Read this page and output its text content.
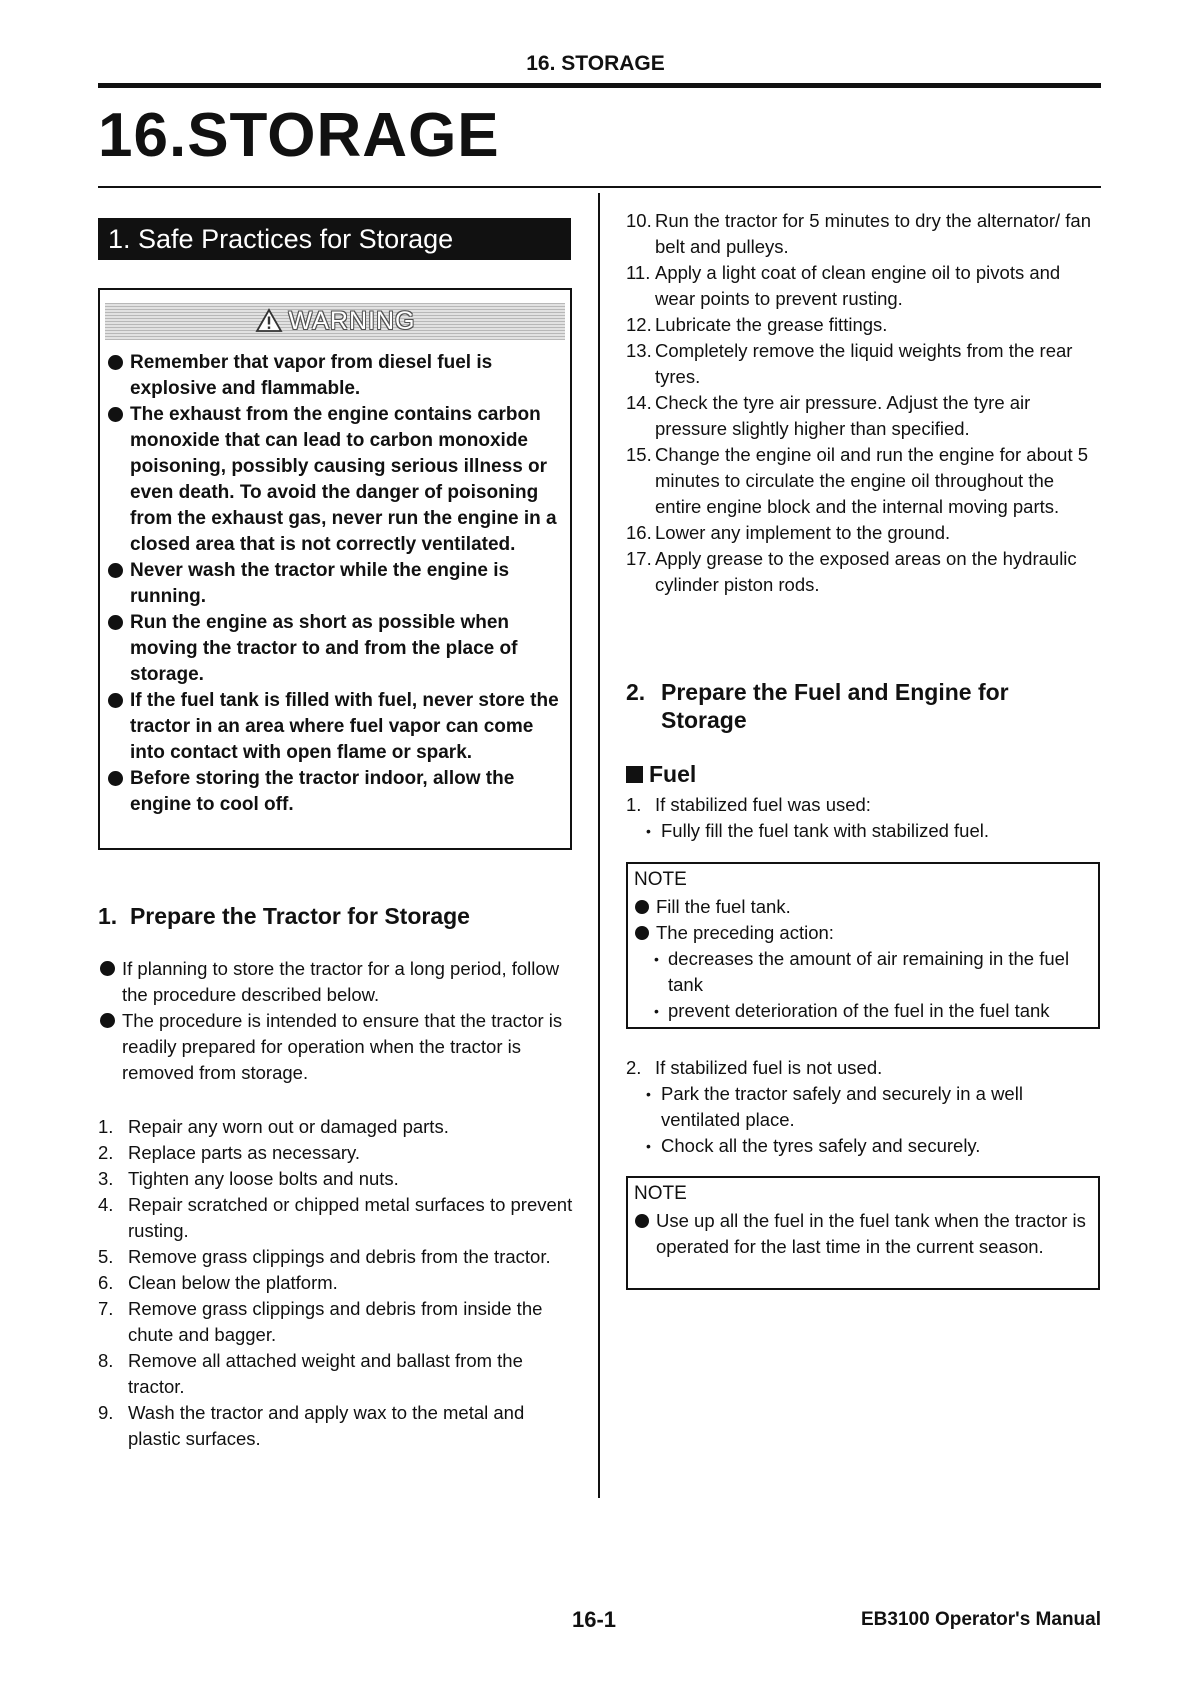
16. STORAGE
16.STORAGE
1. Safe Practices for Storage
WARNING
Remember that vapor from diesel fuel is explosive and flammable.
The exhaust from the engine contains carbon monoxide that can lead to carbon monoxide poisoning, possibly causing serious illness or even death. To avoid the danger of poisoning from the exhaust gas, never run the engine in a closed area that is not correctly ventilated.
Never wash the tractor while the engine is running.
Run the engine as short as possible when moving the tractor to and from the place of storage.
If the fuel tank is filled with fuel, never store the tractor in an area where fuel vapor can come into contact with open flame or spark.
Before storing the tractor indoor, allow the engine to cool off.
1.  Prepare the Tractor for Storage
If planning to store the tractor for a long period, follow the procedure described below.
The procedure is intended to ensure that the tractor is readily prepared for operation when the tractor is removed from storage.
1. Repair any worn out or damaged parts.
2. Replace parts as necessary.
3. Tighten any loose bolts and nuts.
4. Repair scratched or chipped metal surfaces to prevent rusting.
5. Remove grass clippings and debris from the tractor.
6. Clean below the platform.
7. Remove grass clippings and debris from inside the chute and bagger.
8. Remove all attached weight and ballast from the tractor.
9. Wash the tractor and apply wax to the metal and plastic surfaces.
10. Run the tractor for 5 minutes to dry the alternator/ fan belt and pulleys.
11. Apply a light coat of clean engine oil to pivots and wear points to prevent rusting.
12. Lubricate the grease fittings.
13. Completely remove the liquid weights from the rear tyres.
14. Check the tyre air pressure. Adjust the tyre air pressure slightly higher than specified.
15. Change the engine oil and run the engine for about 5 minutes to circulate the engine oil throughout the entire engine block and the internal moving parts.
16. Lower any implement to the ground.
17. Apply grease to the exposed areas on the hydraulic cylinder piston rods.
2. Prepare the Fuel and Engine for Storage
Fuel
1. If stabilized fuel was used:
• Fully fill the fuel tank with stabilized fuel.
NOTE
Fill the fuel tank.
The preceding action:
• decreases the amount of air remaining in the fuel tank
• prevent deterioration of the fuel in the fuel tank
2. If stabilized fuel is not used.
• Park the tractor safely and securely in a well ventilated place.
• Chock all the tyres safely and securely.
NOTE
Use up all the fuel in the fuel tank when the tractor is operated for the last time in the current season.
16-1	EB3100 Operator's Manual
